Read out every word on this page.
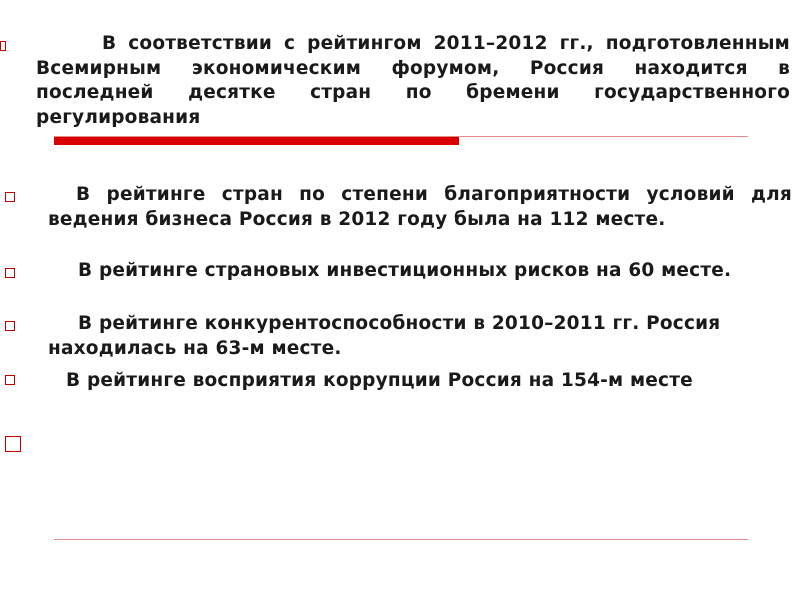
В соответствии с рейтингом 2011–2012 гг., подготовленным Всемирным экономическим форумом, Россия находится в последней десятке стран по бремени государственного регулирования
В рейтинге стран по степени благоприятности условий для ведения бизнеса Россия в 2012 году была на 112 месте.
В рейтинге страновых инвестиционных рисков на 60 месте.
В рейтинге конкурентоспособности в 2010–2011 гг. Россия находилась на 63-м месте.
В рейтинге восприятия коррупции Россия на 154-м месте
